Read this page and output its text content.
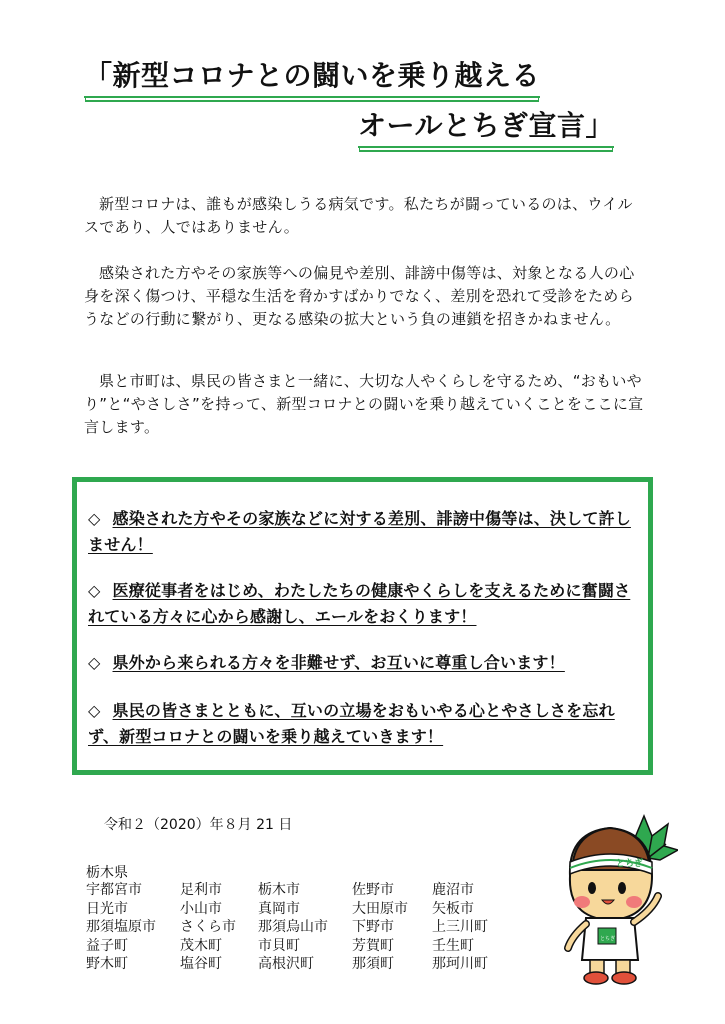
「新型コロナとの闘いを乗り越える
オールとちぎ宣言」
新型コロナは、誰もが感染しうる病気です。私たちが闘っているのは、ウイルスであり、人ではありません。
感染された方やその家族等への偏見や差別、誹謗中傷等は、対象となる人の心身を深く傷つけ、平穏な生活を脅かすばかりでなく、差別を恐れて受診をためらうなどの行動に繋がり、更なる感染の拡大という負の連鎖を招きかねません。
県と市町は、県民の皆さまと一緒に、大切な人やくらしを守るため、“おもいやり”と“やさしさ”を持って、新型コロナとの闘いを乗り越えていくことをここに宣言します。
◇ 感染された方やその家族などに対する差別、誹謗中傷等は、決して許しません！
◇ 医療従事者をはじめ、わたしたちの健康やくらしを支えるために奮闘されている方々に心から感謝し、エールをおくります！
◇ 県外から来られる方々を非難せず、お互いに尊重し合います！
◇ 県民の皆さまとともに、互いの立場をおもいやる心とやさしさを忘れず、新型コロナとの闘いを乗り越えていきます！
令和２（2020）年８月 21 日
栃木県
宇都宮市	足利市	栃木市	佐野市	鹿沼市
日光市	小山市	真岡市	大田原市	矢板市
那須塩原市	さくら市	那須烏山市	下野市	上三川町
益子町	茂木町	市貝町	芳賀町	壬生町
野木町	塩谷町	高根沢町	那須町	那珂川町
とちぎ
とちぎ
